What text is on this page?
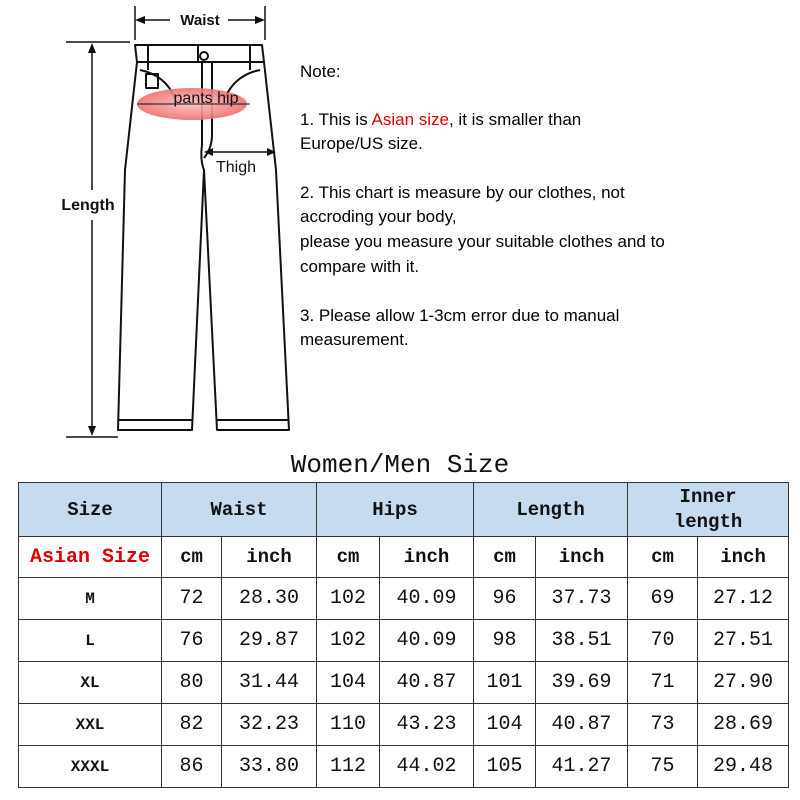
Waist
pants hip
Thigh
Length
Note:
1. This is Asian size, it is smaller than
Europe/US size.
2. This chart is measure by our clothes, not
accroding your body,
please you measure your suitable clothes and to
compare with it.
3. Please allow 1-3cm error due to manual
measurement.
Women/Men Size
Size	Waist		Hips		Length		Inner
length	

Asian Size	cm	inch	cm	inch	cm	inch	cm	inch
M	72	28.30	102	40.09	96	37.73	69	27.12
L	76	29.87	102	40.09	98	38.51	70	27.51
XL	80	31.44	104	40.87	101	39.69	71	27.90
XXL	82	32.23	110	43.23	104	40.87	73	28.69
XXXL	86	33.80	112	44.02	105	41.27	75	29.48
